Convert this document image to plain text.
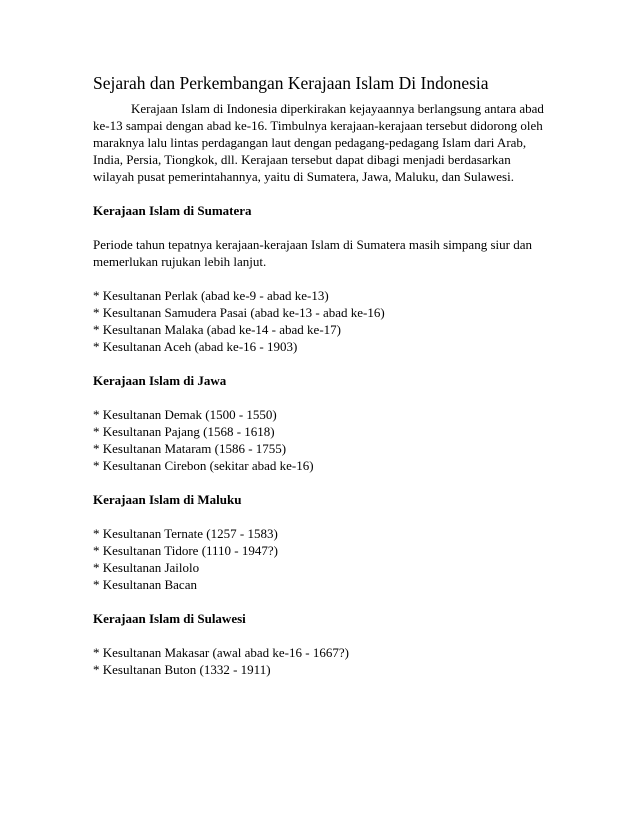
Sejarah dan Perkembangan Kerajaan Islam Di Indonesia

Kerajaan Islam di Indonesia diperkirakan kejayaannya berlangsung antara abad ke-13 sampai dengan abad ke-16. Timbulnya kerajaan-kerajaan tersebut didorong oleh maraknya lalu lintas perdagangan laut dengan pedagang-pedagang Islam dari Arab, India, Persia, Tiongkok, dll. Kerajaan tersebut dapat dibagi menjadi berdasarkan wilayah pusat pemerintahannya, yaitu di Sumatera, Jawa, Maluku, dan Sulawesi.

Kerajaan Islam di Sumatera

Periode tahun tepatnya kerajaan-kerajaan Islam di Sumatera masih simpang siur dan memerlukan rujukan lebih lanjut.

* Kesultanan Perlak (abad ke-9 - abad ke-13)
* Kesultanan Samudera Pasai (abad ke-13 - abad ke-16)
* Kesultanan Malaka (abad ke-14 - abad ke-17)
* Kesultanan Aceh (abad ke-16 - 1903)
Kerajaan Islam di Jawa
* Kesultanan Demak (1500 - 1550)
* Kesultanan Pajang (1568 - 1618)
* Kesultanan Mataram (1586 - 1755)
* Kesultanan Cirebon (sekitar abad ke-16)
Kerajaan Islam di Maluku
* Kesultanan Ternate (1257 - 1583)
* Kesultanan Tidore (1110 - 1947?)
* Kesultanan Jailolo
* Kesultanan Bacan
Kerajaan Islam di Sulawesi
* Kesultanan Makasar (awal abad ke-16 - 1667?)
* Kesultanan Buton (1332 - 1911)
